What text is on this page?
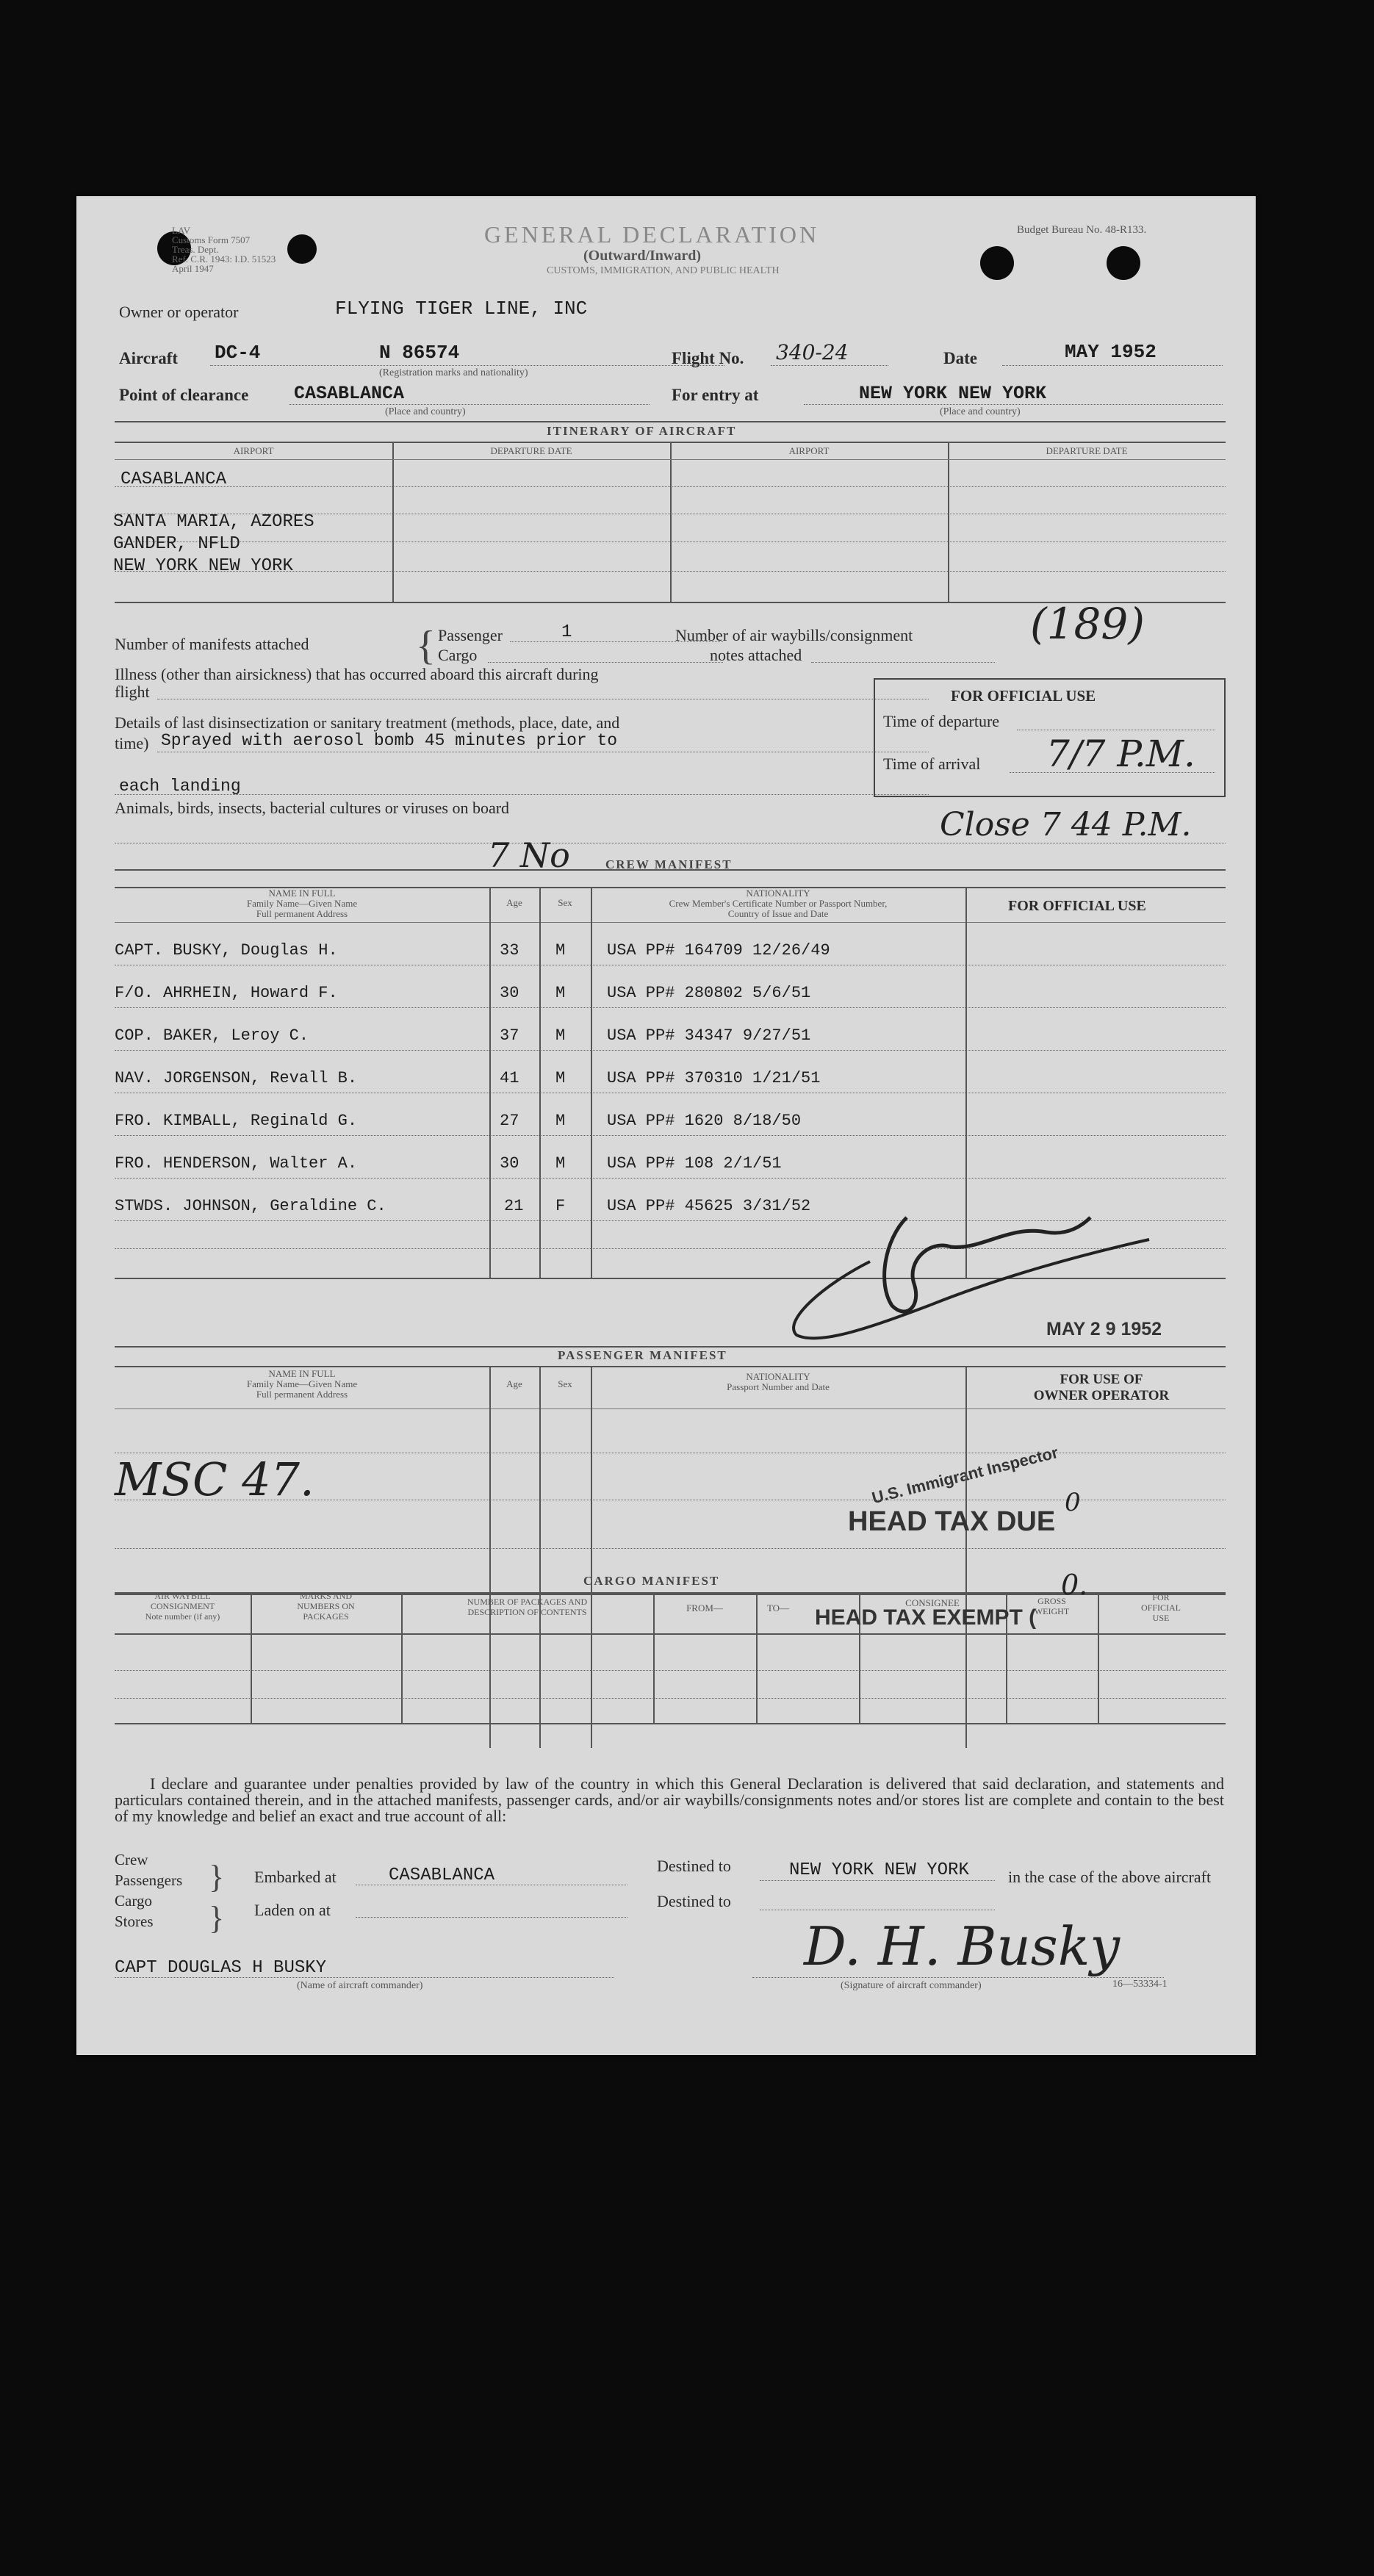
LAV
Customs Form 7507
Treas. Dept.
Ref. C.R. 1943: I.D. 51523
April 1947
Budget Bureau No. 48-R133.
GENERAL DECLARATION
(Outward/Inward)
CUSTOMS, IMMIGRATION, AND PUBLIC HEALTH
Owner or operator	FLYING TIGER LINE, INC
Aircraft DC-4	N 86574
(Registration marks and nationality)
Flight No. 340-24	Date	MAY 1952
Point of clearance CASABLANCA
(Place and country)
For entry at	NEW YORK NEW YORK
(Place and country)
ITINERARY OF AIRCRAFT
AIRPORT	DEPARTURE DATE	AIRPORT	DEPARTURE DATE
CASABLANCA
SANTA MARIA, AZORES
GANDER, NFLD
NEW YORK NEW YORK
Number of manifests attached	{ Passenger	1
Cargo
Number of air waybills/consignment
notes attached
(189)
Illness (other than airsickness) that has occurred aboard this aircraft during
flight
Details of last disinsectization or sanitary treatment (methods, place, date, and
time) Sprayed with aerosol bomb 45 minutes prior to
each landing
Animals, birds, insects, bacterial cultures or viruses on board
FOR OFFICIAL USE
Time of departure
Time of arrival 7/7 P.M.
Close 7 44 P.M.
7 No	CREW MANIFEST
NAME IN FULL
Family Name—Given Name
Full permanent Address
Age	Sex
NATIONALITY
Crew Member's Certificate Number or Passport Number,
Country of Issue and Date	FOR OFFICIAL USE
CAPT. BUSKY, Douglas H.	33 M	USA PP# 164709 12/26/49
F/O. AHRHEIN, Howard F.	30 M	USA PP# 280802 5/6/51
COP. BAKER, Leroy C.	37 M	USA PP# 34347 9/27/51
NAV. JORGENSON, Revall B.	41 M	USA PP# 370310 1/21/51
FRO. KIMBALL, Reginald G.	27 M	USA PP# 1620 8/18/50
FRO. HENDERSON, Walter A.	30 M	USA PP# 108 2/1/51
STWDS. JOHNSON, Geraldine C.	21 F	USA PP# 45625 3/31/52
U.S. Immigrant Inspector
MAY 2 9 1952
PASSENGER MANIFEST
NAME IN FULL
Family Name—Given Name
Full permanent Address
Age	Sex
NATIONALITY
Passport Number and Date	FOR USE OF
OWNER OPERATOR
MSC 47.
HEAD TAX DUE
0
CARGO MANIFEST
AIR WAYBILL
CONSIGNMENT
Note number (if any)
MARKS AND
NUMBERS ON
PACKAGES
NUMBER OF PACKAGES AND
DESCRIPTION OF CONTENTS	FROM—	TO—	CONSIGNEE	GROSS
WEIGHT
FOR
OFFICIAL
USE
HEAD TAX EXEMPT (
0.
I declare and guarantee under penalties provided by law of the country in which this General Declaration is delivered that said declaration, and statements and particulars contained therein, and in the attached manifests, passenger cards, and/or air waybills/consignments notes and/or stores list are complete and contain to the best of my knowledge and belief an exact and true account of all:
Crew
Passengers
Cargo
Stores
}
}
Embarked at	CASABLANCA
Laden on at
Destined to	NEW YORK NEW YORK
Destined to
in the case of the above aircraft
CAPT DOUGLAS H BUSKY
(Name of aircraft commander)
D. H. Busky
(Signature of aircraft commander)	16—53334-1
